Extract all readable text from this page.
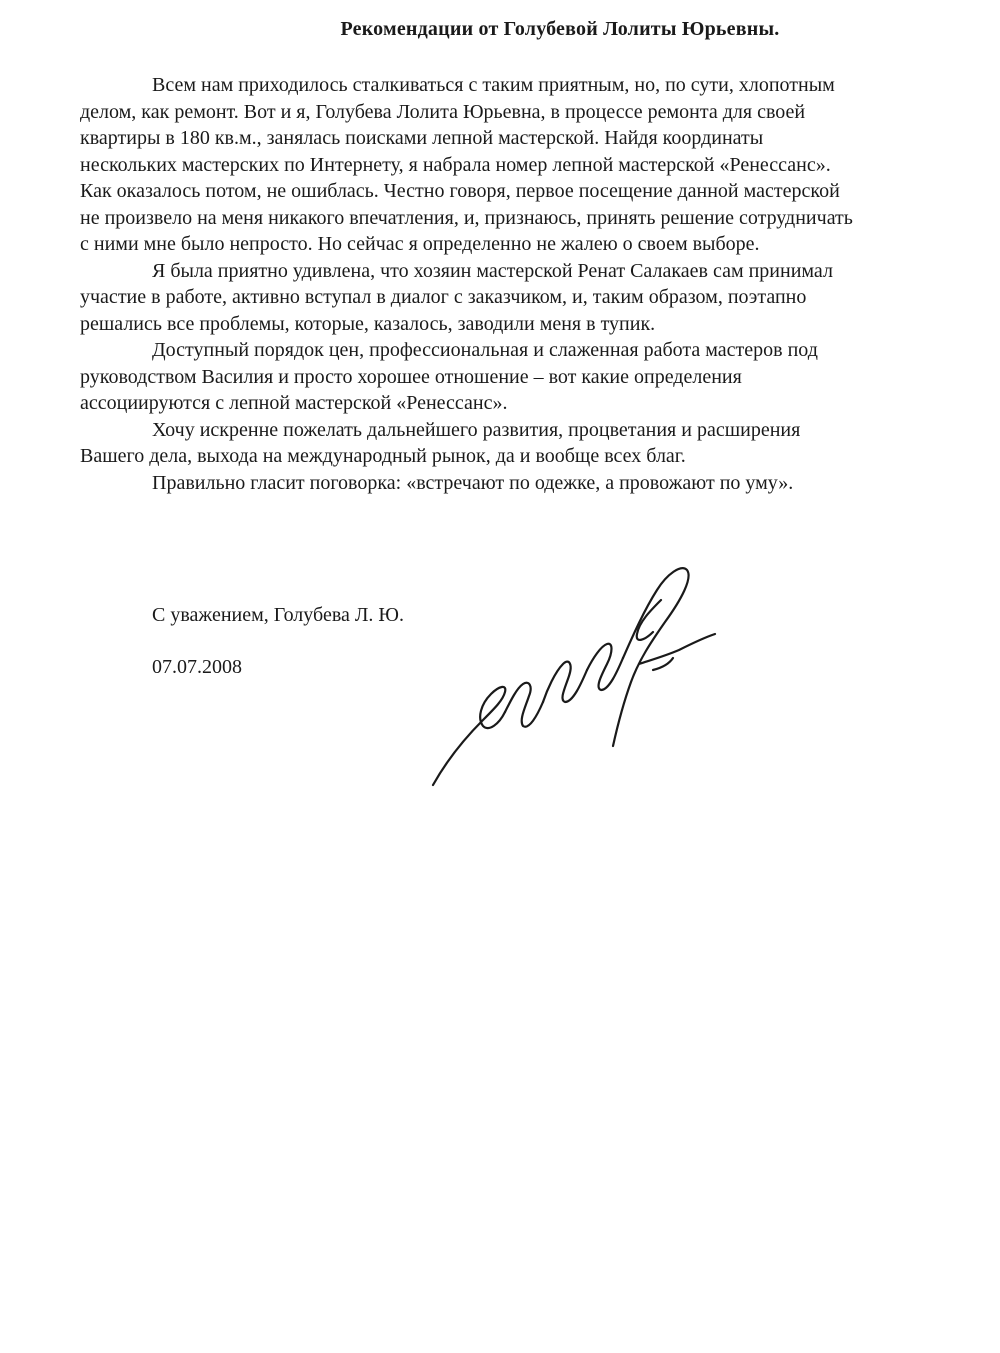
Рекомендации от Голубевой Лолиты Юрьевны.
Всем нам приходилось сталкиваться с таким приятным, но, по сути, хлопотным
делом, как ремонт. Вот и я, Голубева Лолита Юрьевна, в процессе ремонта для своей
квартиры в 180 кв.м., занялась поисками лепной мастерской. Найдя координаты
нескольких мастерских по Интернету, я набрала номер лепной мастерской «Ренессанс».
Как оказалось потом, не ошиблась. Честно говоря, первое посещение данной мастерской
не произвело на меня никакого впечатления, и, признаюсь, принять решение сотрудничать
с ними мне было непросто. Но сейчас я определенно не жалею о своем выборе.
Я была приятно удивлена, что хозяин мастерской Ренат Салакаев сам принимал
участие в работе, активно вступал в диалог с заказчиком, и, таким образом, поэтапно
решались все проблемы, которые, казалось, заводили меня в тупик.
Доступный порядок цен, профессиональная и слаженная работа мастеров под
руководством Василия и просто хорошее отношение – вот какие определения
ассоциируются с лепной мастерской «Ренессанс».
Хочу искренне пожелать дальнейшего развития, процветания и расширения
Вашего дела, выхода на международный рынок, да и вообще всех благ.
Правильно гласит поговорка: «встречают по одежке, а провожают по уму».
С уважением, Голубева Л. Ю.
07.07.2008
